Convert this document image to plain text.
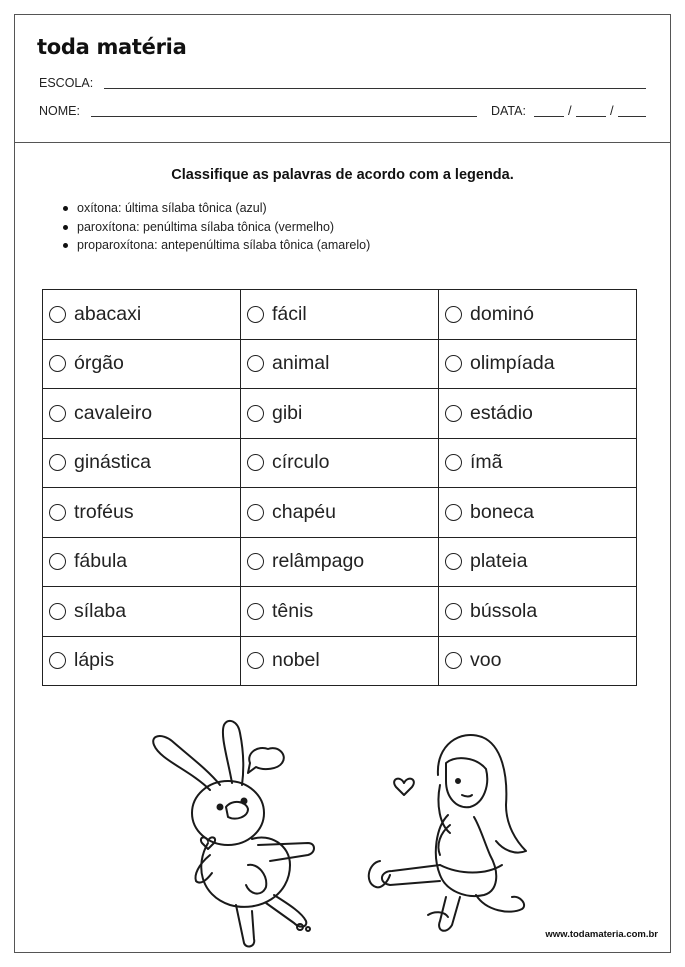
toda matéria
ESCOLA:
NOME:	DATA:	/	/
Classifique as palavras de acordo com a legenda.
oxítona: última sílaba tônica (azul)
paroxítona: penúltima sílaba tônica (vermelho)
proparoxítona: antepenúltima sílaba tônica (amarelo)
abacaxi	fácil	dominó

órgão	animal	olimpíada

cavaleiro	gibi	estádio

ginástica	círculo	ímã

troféus	chapéu	boneca

fábula	relâmpago	plateia

sílaba	tênis	bússola

lápis	nobel	voo
www.todamateria.com.br
